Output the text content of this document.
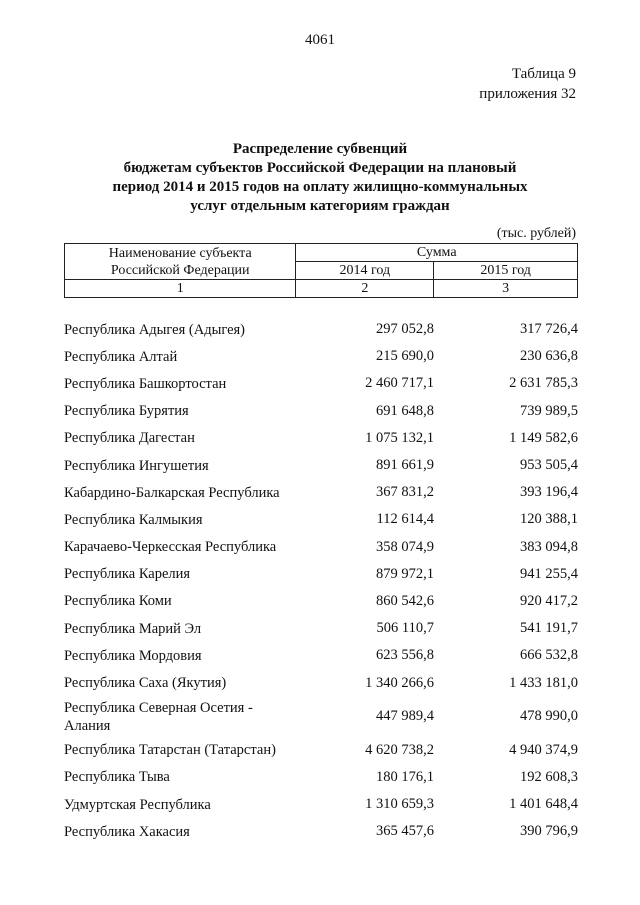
4061
Таблица 9
приложения 32
Распределение субвенций
бюджетам субъектов Российской Федерации на плановый
период 2014 и 2015 годов на оплату жилищно-коммунальных
услуг отдельным категориям граждан
(тыс. рублей)
Наименование субъекта
Российской Федерации	Сумма	
	2014 год	2015 год
1	2	3
Республика Адыгея (Адыгея)	297 052,8	317 726,4
Республика Алтай	215 690,0	230 636,8
Республика Башкортостан	2 460 717,1	2 631 785,3
Республика Бурятия	691 648,8	739 989,5
Республика Дагестан	1 075 132,1	1 149 582,6
Республика Ингушетия	891 661,9	953 505,4
Кабардино-Балкарская Республика	367 831,2	393 196,4
Республика Калмыкия	112 614,4	120 388,1
Карачаево-Черкесская Республика	358 074,9	383 094,8
Республика Карелия	879 972,1	941 255,4
Республика Коми	860 542,6	920 417,2
Республика Марий Эл	506 110,7	541 191,7
Республика Мордовия	623 556,8	666 532,8
Республика Саха (Якутия)	1 340 266,6	1 433 181,0

Республика Северная Осетия -
Алания	447 989,4	478 990,0
Республика Татарстан (Татарстан)	4 620 738,2	4 940 374,9
Республика Тыва	180 176,1	192 608,3
Удмуртская Республика	1 310 659,3	1 401 648,4
Республика Хакасия	365 457,6	390 796,9
